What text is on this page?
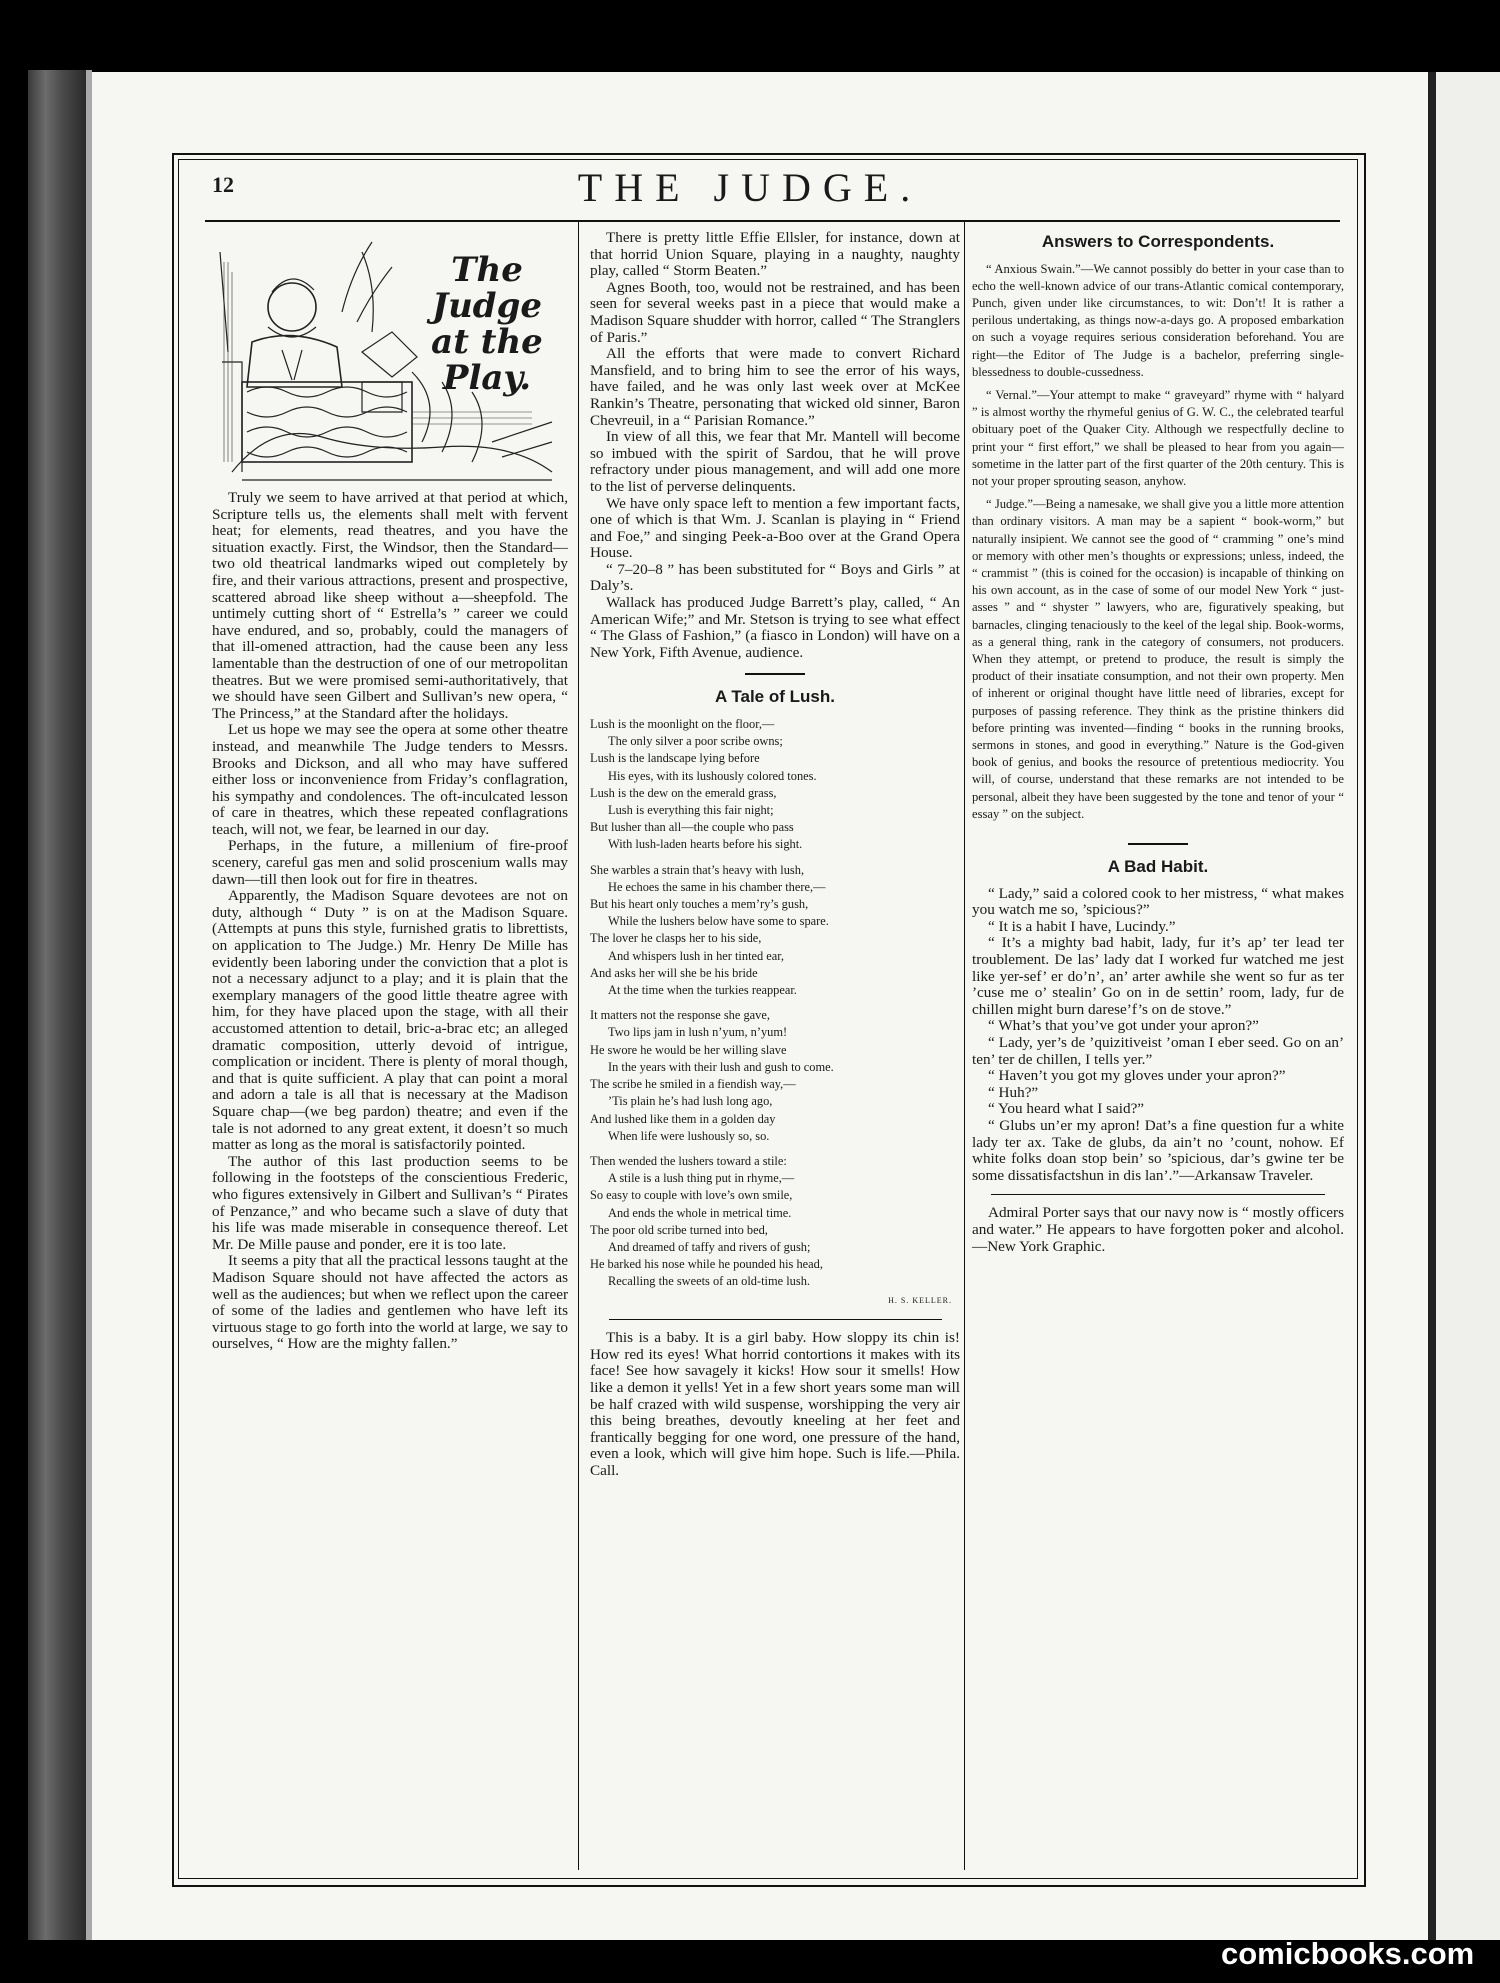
12	THE JUDGE.
The Judge at the Play.

Truly we seem to have arrived at that period at which, Scripture tells us, the elements shall melt with fervent heat; for elements, read theatres, and you have the situation exactly. First, the Windsor, then the Standard—two old theatrical landmarks wiped out completely by fire, and their various attractions, present and prospective, scattered abroad like sheep without a—sheepfold. The untimely cutting short of “ Estrella’s ” career we could have endured, and so, probably, could the managers of that ill-omened attraction, had the cause been any less lamentable than the destruction of one of our metropolitan theatres. But we were promised semi-authoritatively, that we should have seen Gilbert and Sullivan’s new opera, “ The Princess,” at the Standard after the holidays.

Let us hope we may see the opera at some other theatre instead, and meanwhile The Judge tenders to Messrs. Brooks and Dickson, and all who may have suffered either loss or inconvenience from Friday’s conflagration, his sympathy and condolences. The oft-inculcated lesson of care in theatres, which these repeated conflagrations teach, will not, we fear, be learned in our day.

Perhaps, in the future, a millenium of fire-proof scenery, careful gas men and solid proscenium walls may dawn—till then look out for fire in theatres.

Apparently, the Madison Square devotees are not on duty, although “ Duty ” is on at the Madison Square. (Attempts at puns this style, furnished gratis to librettists, on application to The Judge.) Mr. Henry De Mille has evidently been laboring under the conviction that a plot is not a necessary adjunct to a play; and it is plain that the exemplary managers of the good little theatre agree with him, for they have placed upon the stage, with all their accustomed attention to detail, bric-a-brac etc; an alleged dramatic composition, utterly devoid of intrigue, complication or incident. There is plenty of moral though, and that is quite sufficient. A play that can point a moral and adorn a tale is all that is necessary at the Madison Square chap—(we beg pardon) theatre; and even if the tale is not adorned to any great extent, it doesn’t so much matter as long as the moral is satisfactorily pointed.

The author of this last production seems to be following in the footsteps of the conscientious Frederic, who figures extensively in Gilbert and Sullivan’s “ Pirates of Penzance,” and who became such a slave of duty that his life was made miserable in consequence thereof. Let Mr. De Mille pause and ponder, ere it is too late.

It seems a pity that all the practical lessons taught at the Madison Square should not have affected the actors as well as the audiences; but when we reflect upon the career of some of the ladies and gentlemen who have left its virtuous stage to go forth into the world at large, we say to ourselves, “ How are the mighty fallen.”

There is pretty little Effie Ellsler, for instance, down at that horrid Union Square, playing in a naughty, naughty play, called “ Storm Beaten.”

Agnes Booth, too, would not be restrained, and has been seen for several weeks past in a piece that would make a Madison Square shudder with horror, called “ The Stranglers of Paris.”

All the efforts that were made to convert Richard Mansfield, and to bring him to see the error of his ways, have failed, and he was only last week over at McKee Rankin’s Theatre, personating that wicked old sinner, Baron Chevreuil, in a “ Parisian Romance.”

In view of all this, we fear that Mr. Mantell will become so imbued with the spirit of Sardou, that he will prove refractory under pious management, and will add one more to the list of perverse delinquents.

We have only space left to mention a few important facts, one of which is that Wm. J. Scanlan is playing in “ Friend and Foe,” and singing Peek-a-Boo over at the Grand Opera House.

“ 7–20–8 ” has been substituted for “ Boys and Girls ” at Daly’s.

Wallack has produced Judge Barrett’s play, called, “ An American Wife;” and Mr. Stetson is trying to see what effect “ The Glass of Fashion,” (a fiasco in London) will have on a New York, Fifth Avenue, audience.

A Tale of Lush.
Lush is the moonlight on the floor,—
The only silver a poor scribe owns;
Lush is the landscape lying before
His eyes, with its lushously colored tones.
Lush is the dew on the emerald grass,
Lush is everything this fair night;
But lusher than all—the couple who pass
With lush-laden hearts before his sight.
She warbles a strain that’s heavy with lush,
He echoes the same in his chamber there,—
But his heart only touches a mem’ry’s gush,
While the lushers below have some to spare.
The lover he clasps her to his side,
And whispers lush in her tinted ear,
And asks her will she be his bride
At the time when the turkies reappear.
It matters not the response she gave,
Two lips jam in lush n’yum, n’yum!
He swore he would be her willing slave
In the years with their lush and gush to come.
The scribe he smiled in a fiendish way,—
’Tis plain he’s had lush long ago,
And lushed like them in a golden day
When life were lushously so, so.
Then wended the lushers toward a stile:
A stile is a lush thing put in rhyme,—
So easy to couple with love’s own smile,
And ends the whole in metrical time.
The poor old scribe turned into bed,
And dreamed of taffy and rivers of gush;
He barked his nose while he pounded his head,
Recalling the sweets of an old-time lush.
H. S. KELLER.

This is a baby. It is a girl baby. How sloppy its chin is! How red its eyes! What horrid contortions it makes with its face! See how savagely it kicks! How sour it smells! How like a demon it yells! Yet in a few short years some man will be half crazed with wild suspense, worshipping the very air this being breathes, devoutly kneeling at her feet and frantically begging for one word, one pressure of the hand, even a look, which will give him hope. Such is life.—Phila. Call.

Answers to Correspondents.

“ Anxious Swain.”—We cannot possibly do better in your case than to echo the well-known advice of our trans-Atlantic comical contemporary, Punch, given under like circumstances, to wit: Don’t! It is rather a perilous undertaking, as things now-a-days go. A proposed embarkation on such a voyage requires serious consideration beforehand. You are right—the Editor of The Judge is a bachelor, preferring single-blessedness to double-cussedness.

“ Vernal.”—Your attempt to make “ graveyard” rhyme with “ halyard ” is almost worthy the rhymeful genius of G. W. C., the celebrated tearful obituary poet of the Quaker City. Although we respectfully decline to print your “ first effort,” we shall be pleased to hear from you again—sometime in the latter part of the first quarter of the 20th century. This is not your proper sprouting season, anyhow.

“ Judge.”—Being a namesake, we shall give you a little more attention than ordinary visitors. A man may be a sapient “ book-worm,” but naturally insipient. We cannot see the good of “ cramming ” one’s mind or memory with other men’s thoughts or expressions; unless, indeed, the “ crammist ” (this is coined for the occasion) is incapable of thinking on his own account, as in the case of some of our model New York “ just-asses ” and “ shyster ” lawyers, who are, figuratively speaking, but barnacles, clinging tenaciously to the keel of the legal ship. Book-worms, as a general thing, rank in the category of consumers, not producers. When they attempt, or pretend to produce, the result is simply the product of their insatiate consumption, and not their own property. Men of inherent or original thought have little need of libraries, except for purposes of passing reference. They think as the pristine thinkers did before printing was invented—finding “ books in the running brooks, sermons in stones, and good in everything.” Nature is the God-given book of genius, and books the resource of pretentious mediocrity. You will, of course, understand that these remarks are not intended to be personal, albeit they have been suggested by the tone and tenor of your “ essay ” on the subject.

A Bad Habit.

“ Lady,” said a colored cook to her mistress, “ what makes you watch me so, ’spicious?”

“ It is a habit I have, Lucindy.”

“ It’s a mighty bad habit, lady, fur it’s ap’ ter lead ter troublement. De las’ lady dat I worked fur watched me jest like yer-sef’ er do’n’, an’ arter awhile she went so fur as ter ’cuse me o’ stealin’ Go on in de settin’ room, lady, fur de chillen might burn darese’f’s on de stove.”

“ What’s that you’ve got under your apron?”

“ Lady, yer’s de ’quizitiveist ’oman I eber seed. Go on an’ ten’ ter de chillen, I tells yer.”

“ Haven’t you got my gloves under your apron?”

“ Huh?”

“ You heard what I said?”

“ Glubs un’er my apron! Dat’s a fine question fur a white lady ter ax. Take de glubs, da ain’t no ’count, nohow. Ef white folks doan stop bein’ so ’spicious, dar’s gwine ter be some dissatisfactshun in dis lan’.”—Arkansaw Traveler.

Admiral Porter says that our navy now is “ mostly officers and water.” He appears to have forgotten poker and alcohol.—New York Graphic.

comicbooks.com
